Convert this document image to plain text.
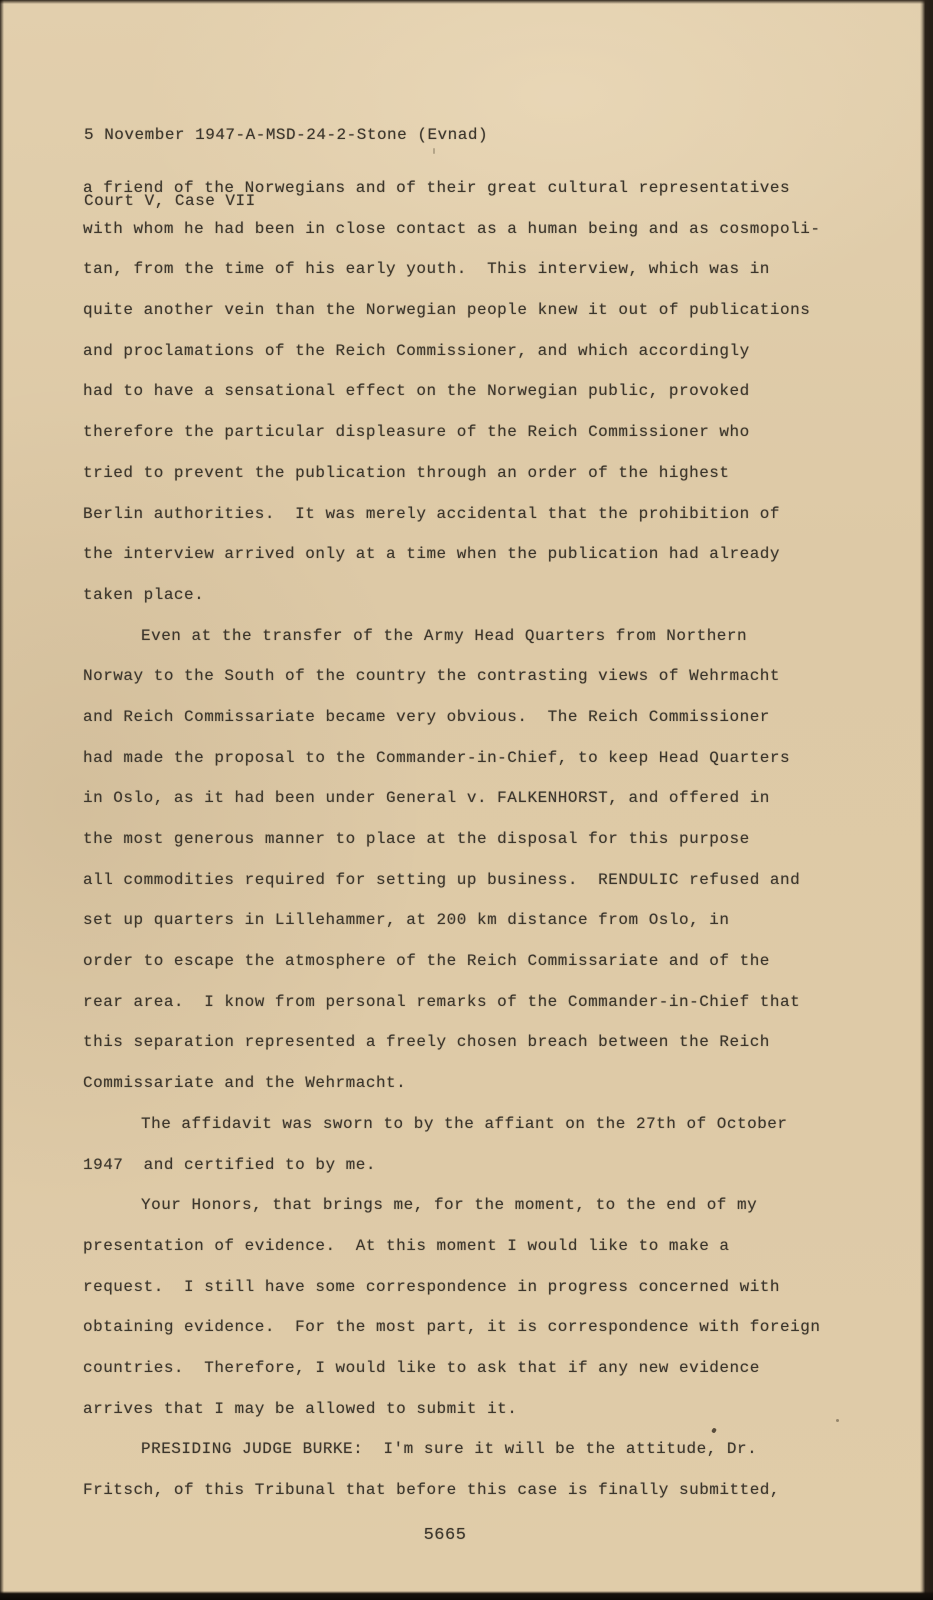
5 November 1947-A-MSD-24-2-Stone (Evnad)

Court V, Case VII

a friend of the Norwegians and of their great cultural representatives
with whom he had been in close contact as a human being and as cosmopoli-
tan, from the time of his early youth.  This interview, which was in
quite another vein than the Norwegian people knew it out of publications
and proclamations of the Reich Commissioner, and which accordingly
had to have a sensational effect on the Norwegian public, provoked
therefore the particular displeasure of the Reich Commissioner who
tried to prevent the publication through an order of the highest
Berlin authorities.  It was merely accidental that the prohibition of
the interview arrived only at a time when the publication had already
taken place.
Even at the transfer of the Army Head Quarters from Northern
Norway to the South of the country the contrasting views of Wehrmacht
and Reich Commissariate became very obvious.  The Reich Commissioner
had made the proposal to the Commander-in-Chief, to keep Head Quarters
in Oslo, as it had been under General v. FALKENHORST, and offered in
the most generous manner to place at the disposal for this purpose
all commodities required for setting up business.  RENDULIC refused and
set up quarters in Lillehammer, at 200 km distance from Oslo, in
order to escape the atmosphere of the Reich Commissariate and of the
rear area.  I know from personal remarks of the Commander-in-Chief that
this separation represented a freely chosen breach between the Reich
Commissariate and the Wehrmacht.
The affidavit was sworn to by the affiant on the 27th of October
1947  and certified to by me.
Your Honors, that brings me, for the moment, to the end of my
presentation of evidence.  At this moment I would like to make a
request.  I still have some correspondence in progress concerned with
obtaining evidence.  For the most part, it is correspondence with foreign
countries.  Therefore, I would like to ask that if any new evidence
arrives that I may be allowed to submit it.
PRESIDING JUDGE BURKE:  I'm sure it will be the attitude, Dr.
Fritsch, of this Tribunal that before this case is finally submitted,
5665
